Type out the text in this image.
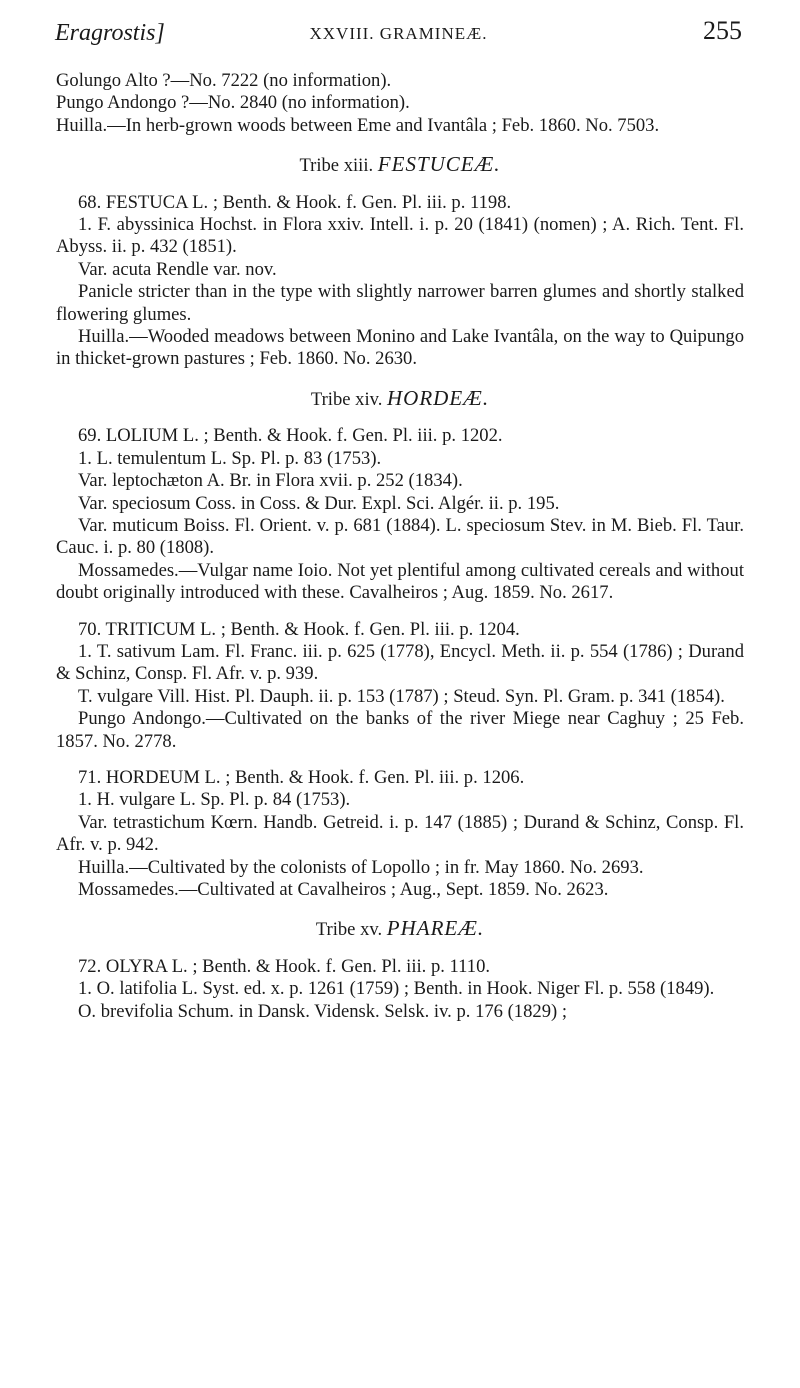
Eragrostis]	XXVIII. GRAMINEÆ.	255

Golungo Alto ?—No. 7222 (no information).

Pungo Andongo ?—No. 2840 (no information).

Huilla.—In herb-grown woods between Eme and Ivantâla ; Feb. 1860. No. 7503.

Tribe xiii. FESTUCEÆ.

68. FESTUCA L. ; Benth. & Hook. f. Gen. Pl. iii. p. 1198.

1. F. abyssinica Hochst. in Flora xxiv. Intell. i. p. 20 (1841) (nomen) ; A. Rich. Tent. Fl. Abyss. ii. p. 432 (1851).

Var. acuta Rendle var. nov.

Panicle stricter than in the type with slightly narrower barren glumes and shortly stalked flowering glumes.

Huilla.—Wooded meadows between Monino and Lake Ivantâla, on the way to Quipungo in thicket-grown pastures ; Feb. 1860. No. 2630.

Tribe xiv. HORDEÆ.

69. LOLIUM L. ; Benth. & Hook. f. Gen. Pl. iii. p. 1202.

1. L. temulentum L. Sp. Pl. p. 83 (1753).

Var. leptochæton A. Br. in Flora xvii. p. 252 (1834).

Var. speciosum Coss. in Coss. & Dur. Expl. Sci. Algér. ii. p. 195.

Var. muticum Boiss. Fl. Orient. v. p. 681 (1884). L. speciosum Stev. in M. Bieb. Fl. Taur. Cauc. i. p. 80 (1808).

Mossamedes.—Vulgar name Ioio. Not yet plentiful among cultivated cereals and without doubt originally introduced with these. Cavalheiros ; Aug. 1859. No. 2617.

70. TRITICUM L. ; Benth. & Hook. f. Gen. Pl. iii. p. 1204.

1. T. sativum Lam. Fl. Franc. iii. p. 625 (1778), Encycl. Meth. ii. p. 554 (1786) ; Durand & Schinz, Consp. Fl. Afr. v. p. 939.

T. vulgare Vill. Hist. Pl. Dauph. ii. p. 153 (1787) ; Steud. Syn. Pl. Gram. p. 341 (1854).

Pungo Andongo.—Cultivated on the banks of the river Miege near Caghuy ; 25 Feb. 1857. No. 2778.

71. HORDEUM L. ; Benth. & Hook. f. Gen. Pl. iii. p. 1206.

1. H. vulgare L. Sp. Pl. p. 84 (1753).

Var. tetrastichum Kœrn. Handb. Getreid. i. p. 147 (1885) ; Durand & Schinz, Consp. Fl. Afr. v. p. 942.

Huilla.—Cultivated by the colonists of Lopollo ; in fr. May 1860. No. 2693.

Mossamedes.—Cultivated at Cavalheiros ; Aug., Sept. 1859. No. 2623.

Tribe xv. PHAREÆ.

72. OLYRA L. ; Benth. & Hook. f. Gen. Pl. iii. p. 1110.

1. O. latifolia L. Syst. ed. x. p. 1261 (1759) ; Benth. in Hook. Niger Fl. p. 558 (1849).

O. brevifolia Schum. in Dansk. Vidensk. Selsk. iv. p. 176 (1829) ;
